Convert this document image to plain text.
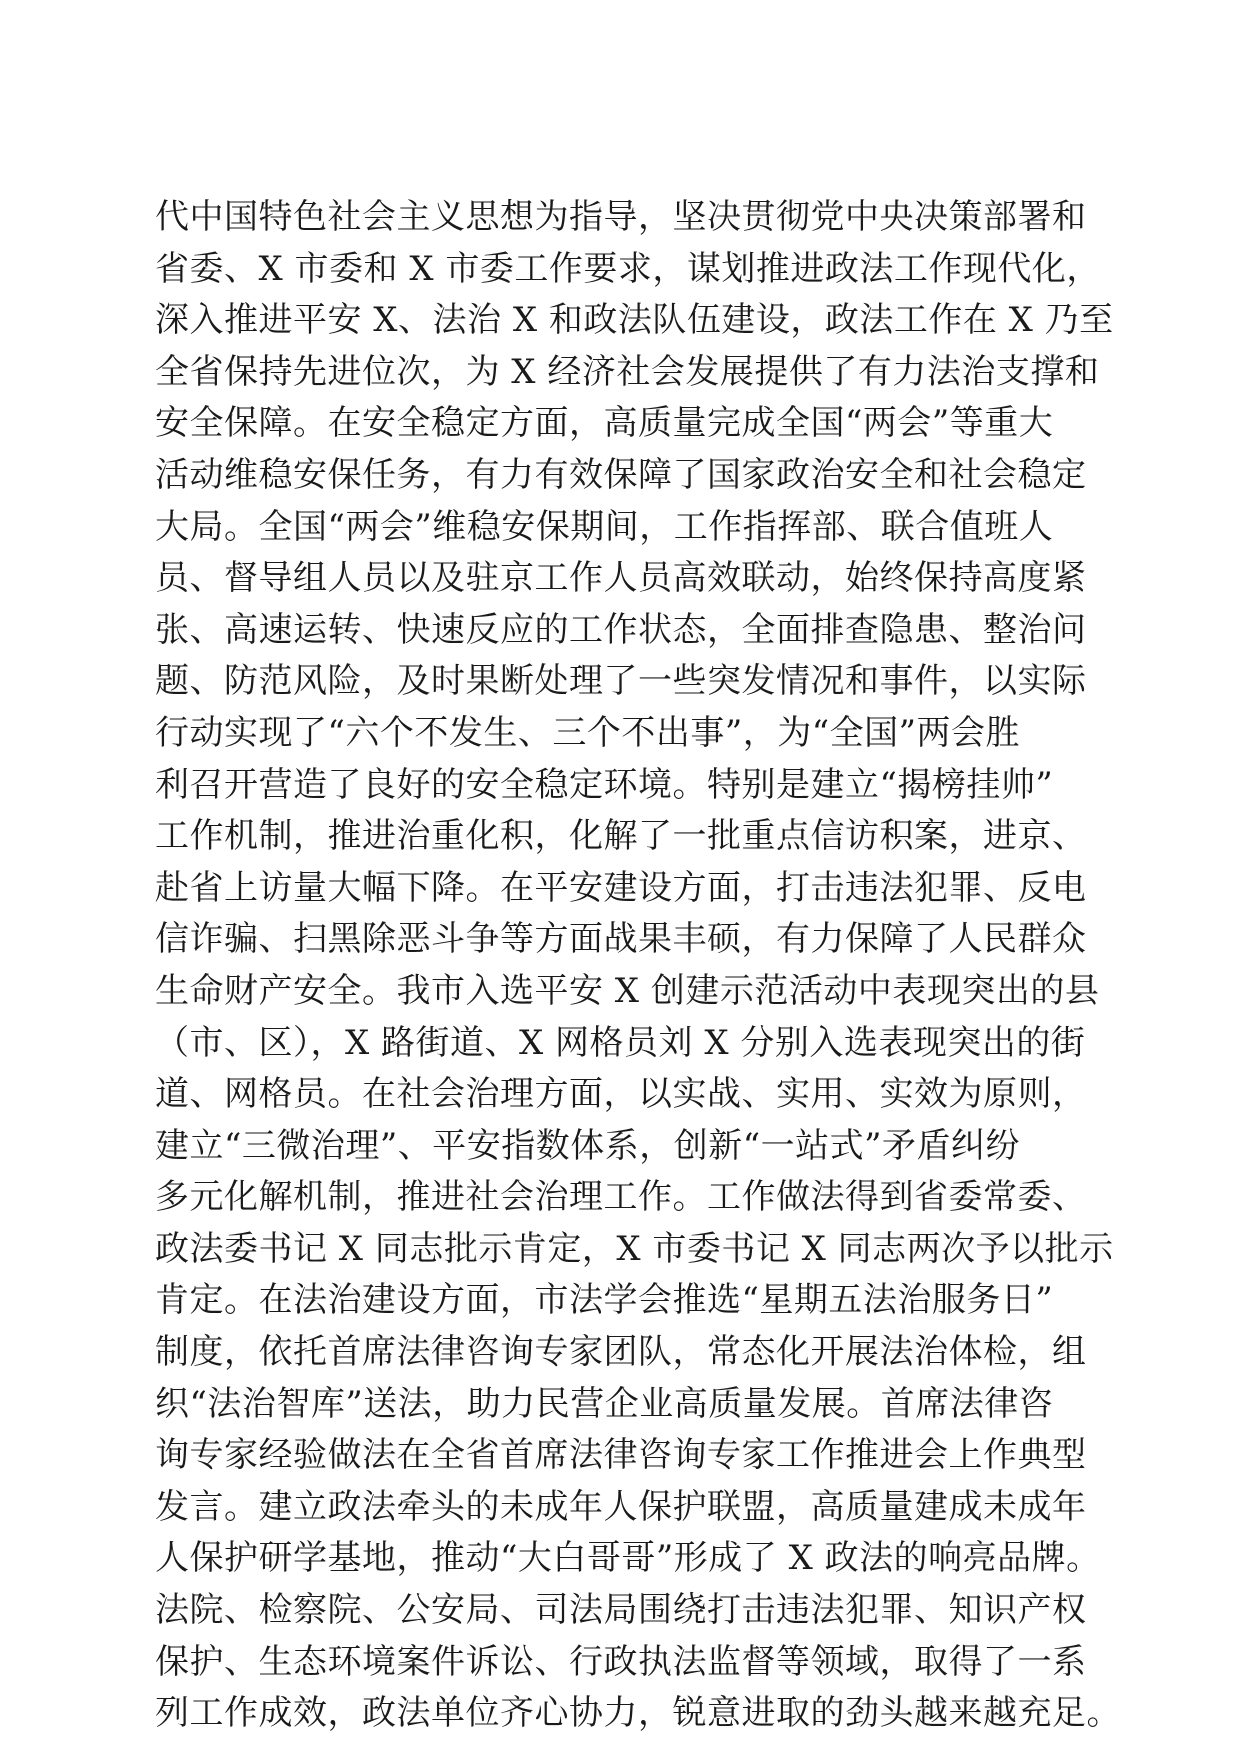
代中国特色社会主义思想为指导，坚决贯彻党中央决策部署和
省委、X 市委和 X 市委工作要求，谋划推进政法工作现代化，
深入推进平安 X、法治 X 和政法队伍建设，政法工作在 X 乃至
全省保持先进位次，为 X 经济社会发展提供了有力法治支撑和
安全保障。在安全稳定方面，高质量完成全国“两会”等重大
活动维稳安保任务，有力有效保障了国家政治安全和社会稳定
大局。全国“两会”维稳安保期间，工作指挥部、联合值班人
员、督导组人员以及驻京工作人员高效联动，始终保持高度紧
张、高速运转、快速反应的工作状态，全面排查隐患、整治问
题、防范风险，及时果断处理了一些突发情况和事件，以实际
行动实现了“六个不发生、三个不出事”，为“全国”两会胜
利召开营造了良好的安全稳定环境。特别是建立“揭榜挂帅”
工作机制，推进治重化积，化解了一批重点信访积案，进京、
赴省上访量大幅下降。在平安建设方面，打击违法犯罪、反电
信诈骗、扫黑除恶斗争等方面战果丰硕，有力保障了人民群众
生命财产安全。我市入选平安 X 创建示范活动中表现突出的县
（市、区），X 路街道、X 网格员刘 X 分别入选表现突出的街
道、网格员。在社会治理方面，以实战、实用、实效为原则，
建立“三微治理”、平安指数体系，创新“一站式”矛盾纠纷
多元化解机制，推进社会治理工作。工作做法得到省委常委、
政法委书记 X 同志批示肯定，X 市委书记 X 同志两次予以批示
肯定。在法治建设方面，市法学会推选“星期五法治服务日”
制度，依托首席法律咨询专家团队，常态化开展法治体检，组
织“法治智库”送法，助力民营企业高质量发展。首席法律咨
询专家经验做法在全省首席法律咨询专家工作推进会上作典型
发言。建立政法牵头的未成年人保护联盟，高质量建成未成年
人保护研学基地，推动“大白哥哥”形成了 X 政法的响亮品牌。
法院、检察院、公安局、司法局围绕打击违法犯罪、知识产权
保护、生态环境案件诉讼、行政执法监督等领域，取得了一系
列工作成效，政法单位齐心协力，锐意进取的劲头越来越充足。
